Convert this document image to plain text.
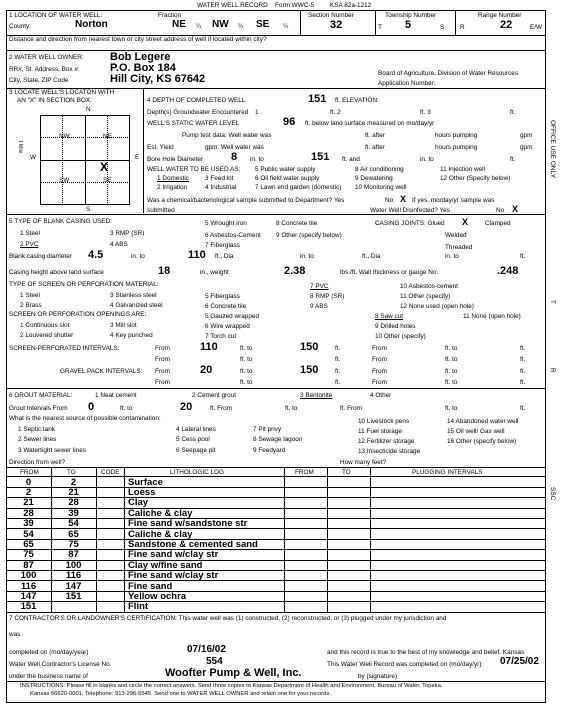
WATER WELL RECORD Form WWC-5 KSA 82a-1212
1 LOCATION OF WATER WELL:	Fraction	Section Number	Township Number	Range Number
County:	Norton	NE ¼ NW ¼ SE ¼	32	T 5	S R	22	E/W
Distance and direction from nearest town or city street address of well if located within city?
2 WATER WELL OWNER: Bob Legere
RR#, St. Address, Box #:	P.O. Box 184
City, State, ZIP Code	Hill City, KS 67642	Board of Agriculture, Division of Water Resources
Application Number:
3 LOCATE WELL'S LOCATON WITH
AN "X" IN SECTION BOX:
N
S
W	E
1 Mile
NW	NE
SW	SE
X
4 DEPTH OF COMPLETED WELL	151 ft. ELEVATION:
Depth(s) Groundwater Encountered 1	ft. 2	ft. 3	ft.
WELL'S STATIC WATER LEVEL	96 ft. below land surface measured on mo/day/yr
Pump test data: Well water was	ft. after	hours pumping	gpm
Est. Yield	gpm: Well water was	ft. after	hours pumping	gpm
Bore Hole Diameter	8 in. to	151 ft. and	in. to	ft.
WELL WATER TO BE USED AS: 5 Public water supply	8 Air conditioning	11 Injection well
1 Domestic	3 Feed lot	6 Oil field water supply	9 Dewatering	12 Other (Specify below)
2 Irrigation	4 Industrial	7 Lawn end garden (domestic) 10 Monitoring well
Was a chemical/bacteriological sample submitted to Department? Yes	No X If yes, mo/day/yr sample was
submitted	Water Well Disinfected? Yes	No X
5 TYPE OF BLANK CASING USED:	5 Wrought iron	8 Concrete tile	CASING JOINTS: Glued X	Clamped
1 Steel	3 RMP (SR)	6 Asbestos-Cement 9 Other (specify below)	Welded
2 PVC	4 ABS	7 Fiberglass	Threaded
Blank casing diameter 4.5	in. to	110 ft., Dia	in. to	ft., Dia	in. to	ft.
Casing height above land surface	18	in., weight	2.38	lbs./ft. Wall thickness or gauge No.	.248
TYPE OF SCREEN OR PERFORATION MATERIAL:	7 PVC	10 Asbestos-cement
1 Steel	3 Stainless steel	5 Fiberglass	8 RMP (SR)	11 Other (specify)
2 Brass	4 Galvanized steel	6 Concrete tile	9 ABS	12 None used (open hole)
SCREEN OR PERFORATION OPENINGS ARE:	5 Gauzed wrapped	8 Saw cut	11 None (open hole)
1 Continuous slot	3 Mill slot	6 Wire wrapped	9 Drilled holes
2 Louvered shutter	4 Key punched	7 Torch cut	10 Other (specify)
SCREEN-PERFORATED INTERVALS:	From	110	ft. to	150	ft.	From	ft. to	ft.
From	ft. to	ft.	From	ft. to	ft.
GRAVEL PACK INTERVALS: From	20	ft. to	150	ft.	From	ft. to	ft.
From	ft. to	ft.	From	ft. to	ft.
6 GROUT MATERIAL:	1 Neat cement	2 Cement grout	3 Bentonite	4 Other
Grout Intervals From 0	ft. to	20	ft. From	ft. to	ft. From	ft. to	ft.
What is the nearest source of possible contamination:	10 Livestock pens	14 Abandoned water well
1 Septic tank	4 Lateral lines	7 Pit privy	11 Fuel storage	15 Oil well/ Gas well
2 Sewer lines	5 Cess pool	8 Sewage lagoon	12 Fertilizer storage	16 Other (specify below)
3 Watertight sewer lines	6 Seepage pit	9 Feedyard	13 Insecticide storage
Direction from well?	How many feet?
FROM	TO	CODE	LITHOLOGIC LOG	FROM	TO	PLUGGING INTERVALS
0	2	Surface
2	21	Loess
21	28	Clay
28	39	Caliche & clay
39	54	Fine sand w/sandstone str
54	65	Caliche & clay
65	75	Sandstone & cemented sand
75	87	Fine sand w/clay str
87	100	Clay w/fine sand
100	116	Fine sand w/clay str
116	147	Fine sand
147	151	Yellow ochra
151	Flint
7 CONTRACTOR'S OR LANDOWNER'S CERTIFICATION: This water well was (1) constructed, (2) reconstructed, or (3) plugged under my jurisdiction and
was
completed on (mo/day/year)	07/16/02	and this record is true to the best of my knowledge and belief. Kansas
Water Well Contractor's License No.	554	This Water Well Record was completed on (mo/day/yr) 07/25/02
under the business name of	Woofter Pump & Well, Inc.	by (signature)
INSTRUCTIONS: Please fill in blanks and circle the correct answers. Send three copies to Kansas Department of Health and Environment, Bureau of Water, Topeka,
Kansas 66620-0001. Telephone: 913-296-5545. Send one to WATER WELL OWNER and retain one for your records.
OFFICE USE ONLY
T
R
SSC
